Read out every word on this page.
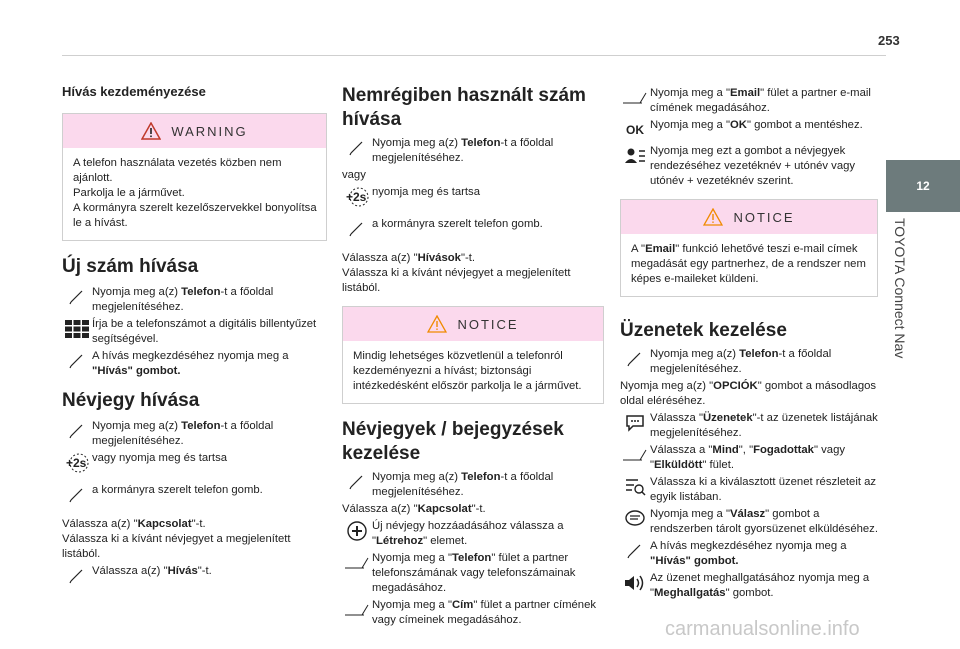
253
12
TOYOTA Connect Nav

Hívás kezdeményezése

WARNING

A telefon használata vezetés közben nem ajánlott.

Parkolja le a járművet.

A kormányra szerelt kezelőszervekkel bonyolítsa le a hívást.

Új szám hívása
Nyomja meg a(z) Telefon-t a főoldal megjelenítéséhez.
Írja be a telefonszámot a digitális billentyűzet segítségével.
A hívás megkezdéséhez nyomja meg a "Hívás" gombot.
Névjegy hívása
Nyomja meg a(z) Telefon-t a főoldal megjelenítéséhez.
+2s vagy nyomja meg és tartsa
a kormányra szerelt telefon gomb.

Válassza a(z) "Kapcsolat"-t.

Válassza ki a kívánt névjegyet a megjelenített listából.

Válassza a(z) "Hívás"-t.
Nemrégiben használt szám hívása
Nyomja meg a(z) Telefon-t a főoldal megjelenítéséhez.

vagy

+2s nyomja meg és tartsa
a kormányra szerelt telefon gomb.

Válassza a(z) "Hívások"-t.

Válassza ki a kívánt névjegyet a megjelenített listából.

NOTICE

Mindig lehetséges közvetlenül a telefonról kezdeményezni a hívást; biztonsági intézkedésként először parkolja le a járművet.

Névjegyek / bejegyzések kezelése
Nyomja meg a(z) Telefon-t a főoldal megjelenítéséhez.

Válassza a(z) "Kapcsolat"-t.

Új névjegy hozzáadásához válassza a "Létrehoz" elemet.
Nyomja meg a "Telefon" fület a partner telefonszámának vagy telefonszámainak megadásához.
Nyomja meg a "Cím" fület a partner címének vagy címeinek megadásához.
Nyomja meg a "Email" fület a partner e-mail címének megadásához.
OK Nyomja meg a "OK" gombot a mentéshez.
Nyomja meg ezt a gombot a névjegyek rendezéséhez vezetéknév + utónév vagy utónév + vezetéknév szerint.
NOTICE

A "Email" funkció lehetővé teszi e-mail címek megadását egy partnerhez, de a rendszer nem képes e-maileket küldeni.

Üzenetek kezelése
Nyomja meg a(z) Telefon-t a főoldal megjelenítéséhez.

Nyomja meg a(z) "OPCIÓK" gombot a másodlagos oldal eléréséhez.

Válassza "Üzenetek"-t az üzenetek listájának megjelenítéséhez.
Válassza a "Mind", "Fogadottak" vagy "Elküldött" fület.
Válassza ki a kiválasztott üzenet részleteit az egyik listában.
Nyomja meg a "Válasz" gombot a rendszerben tárolt gyorsüzenet elküldéséhez.
A hívás megkezdéséhez nyomja meg a "Hívás" gombot.
Az üzenet meghallgatásához nyomja meg a "Meghallgatás" gombot.
carmanualsonline.info
